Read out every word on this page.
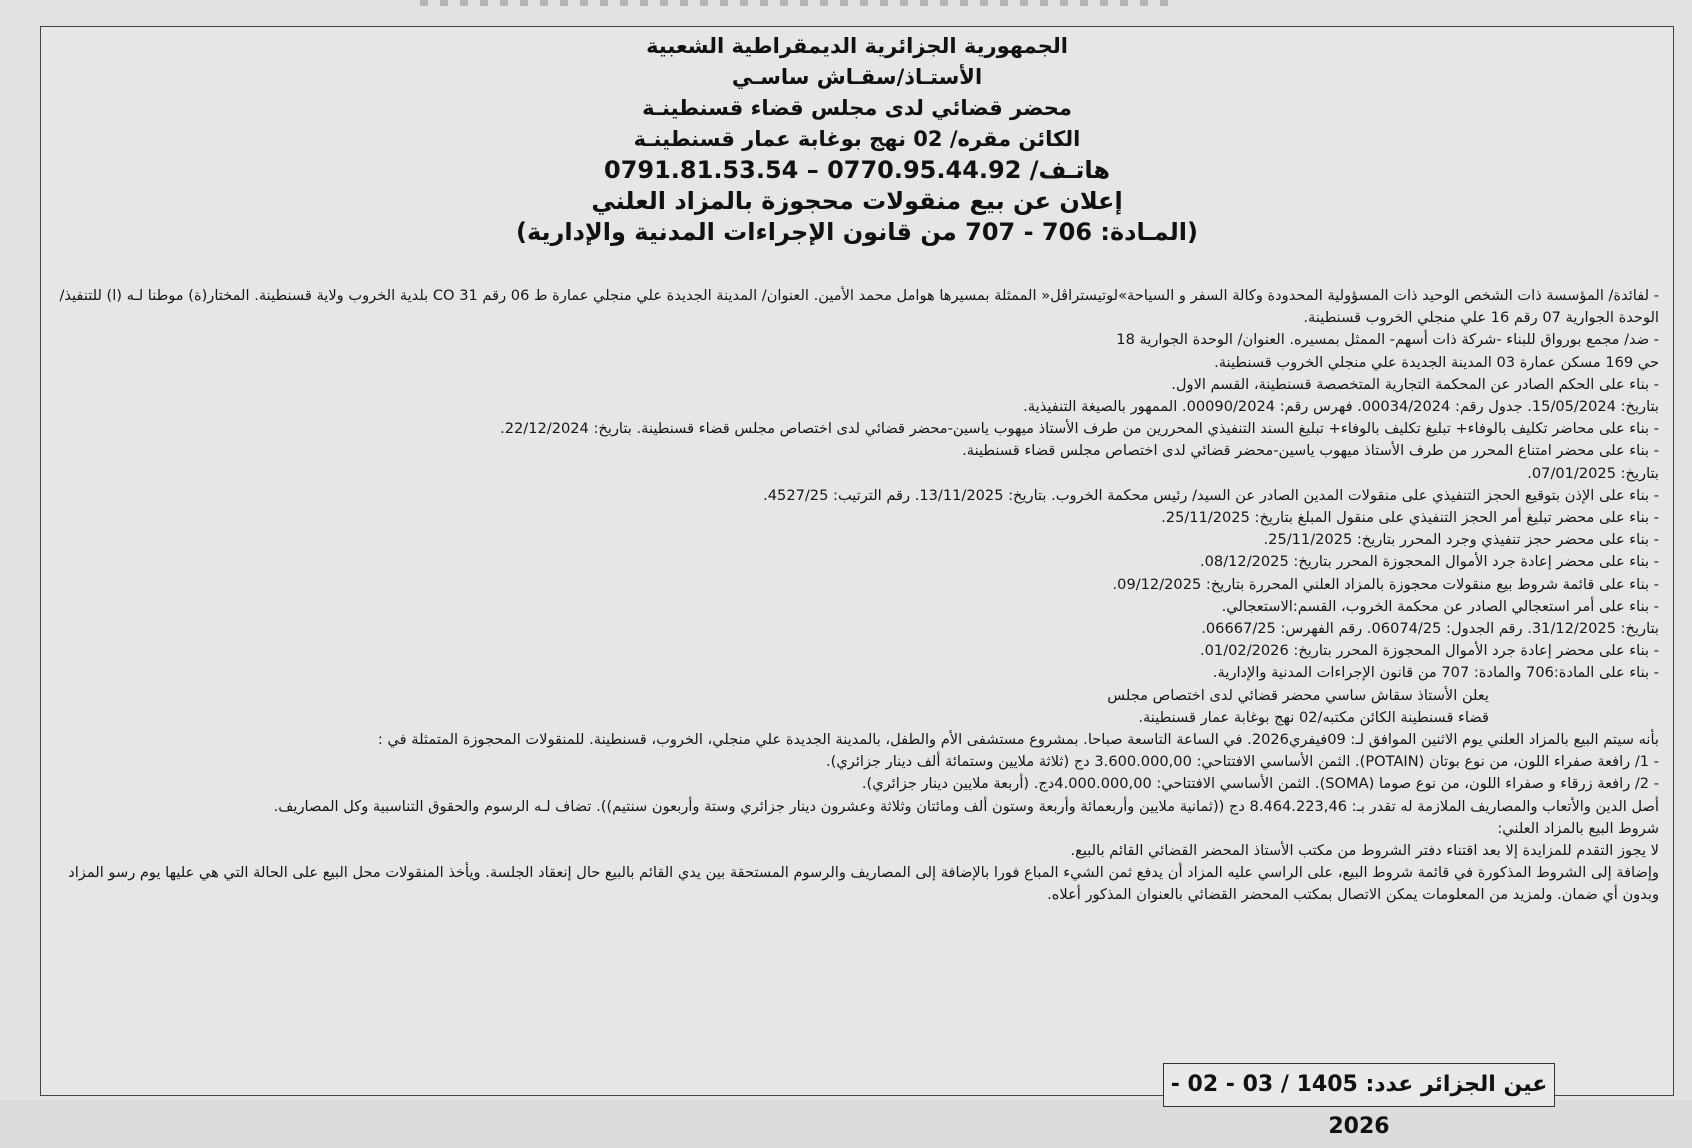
الجمهورية الجزائرية الديمقراطية الشعبية
الأستـاذ/سقـاش ساسـي
محضر قضائي لدى مجلس قضاء قسنطينـة
الكائن مقره/ 02 نهج بوغابة عمار قسنطينـة
هاتـف/ 0770.95.44.92 – 0791.81.53.54
إعلان عن بيع منقولات محجوزة بالمزاد العلني
(المـادة: 706 - 707 من قانون الإجراءات المدنية والإدارية)

- لفائدة/ المؤسسة ذات الشخص الوحيد ذات المسؤولية المحدودة وكالة السفر و السياحة»لوتيستراڤل« الممثلة بمسيرها هوامل محمد الأمين. العنوان/ المدينة الجديدة علي منجلي عمارة ط 06 رقم 31 CO بلدية الخروب ولاية قسنطينة. المختار(ة) موطنا لـه (ا) للتنفيذ/ الوحدة الجوارية 07 رقم 16 علي منجلي الخروب قسنطينة.

- ضد/ مجمع بورواق للبناء -شركة ذات أسهم- الممثل بمسيره. العنوان/ الوحدة الجوارية 18

حي 169 مسكن عمارة 03 المدينة الجديدة علي منجلي الخروب قسنطينة.

- بناء على الحكم الصادر عن المحكمة التجارية المتخصصة قسنطينة، القسم الاول.

بتاريخ: 15/05/2024. جدول رقم: 00034/2024. فهرس رقم: 00090/2024. الممهور بالصيغة التنفيذية.

- بناء على محاضر تكليف بالوفاء+ تبليغ تكليف بالوفاء+ تبليغ السند التنفيذي المحررين من طرف الأستاذ ميهوب ياسين-محضر قضائي لدى اختصاص مجلس قضاء قسنطينة. بتاريخ: 22/12/2024.

- بناء على محضر امتناع المحرر من طرف الأستاذ ميهوب ياسين-محضر قضائي لدى اختصاص مجلس قضاء قسنطينة.

بتاريخ: 07/01/2025.

- بناء على الإذن بتوقيع الحجز التنفيذي على منقولات المدين الصادر عن السيد/ رئيس محكمة الخروب. بتاريخ: 13/11/2025. رقم الترتيب: 4527/25.

- بناء على محضر تبليغ أمر الحجز التنفيذي على منقول المبلغ بتاريخ: 25/11/2025.

- بناء على محضر حجز تنفيذي وجرد المحرر بتاريخ: 25/11/2025.

- بناء على محضر إعادة جرد الأموال المحجوزة المحرر بتاريخ: 08/12/2025.

- بناء على قائمة شروط بيع منقولات محجوزة بالمزاد العلني المحررة بتاريخ: 09/12/2025.

- بناء على أمر استعجالي الصادر عن محكمة الخروب، القسم:الاستعجالي.

بتاريخ: 31/12/2025. رقم الجدول: 06074/25. رقم الفهرس: 06667/25.

- بناء على محضر إعادة جرد الأموال المحجوزة المحرر بتاريخ: 01/02/2026.

- بناء على المادة:706 والمادة: 707 من قانون الإجراءات المدنية والإدارية.

يعلن الأستاذ سقاش ساسي محضر قضائي لدى اختصاص مجلس

قضاء قسنطينة الكائن مكتبه/02 نهج بوغابة عمار قسنطينة.

بأنه سيتم البيع بالمزاد العلني يوم الاثنين الموافق لـ: 09فيفري2026. في الساعة التاسعة صباحا. بمشروع مستشفى الأم والطفل، بالمدينة الجديدة علي منجلي، الخروب، قسنطينة. للمنقولات المحجوزة المتمثلة في :

- 1/ رافعة صفراء اللون، من نوع بوتان (POTAIN). الثمن الأساسي الافتتاحي: 3.600.000,00 دج (ثلاثة ملايين وستمائة ألف دينار جزائري).

- 2/ رافعة زرقاء و صفراء اللون، من نوع صوما (SOMA). الثمن الأساسي الافتتاحي: 4.000.000,00دج. (أربعة ملايين دينار جزائري).

أصل الدين والأتعاب والمصاريف الملازمة له تقدر بـ: 8.464.223,46 دج ((ثمانية ملايين وأربعمائة وأربعة وستون ألف ومائتان وثلاثة وعشرون دينار جزائري وستة وأربعون سنتيم)). تضاف لـه الرسوم والحقوق التناسبية وكل المصاريف.

شروط البيع بالمزاد العلني:

لا يجوز التقدم للمزايدة إلا بعد اقتناء دفتر الشروط من مكتب الأستاذ المحضر القضائي القائم بالبيع.

وإضافة إلى الشروط المذكورة في قائمة شروط البيع، على الراسي عليه المزاد أن يدفع ثمن الشيء المباع فورا بالإضافة إلى المصاريف والرسوم المستحقة بين يدي القائم بالبيع حال إنعقاد الجلسة. ويأخذ المنقولات محل البيع على الحالة التي هي عليها يوم رسو المزاد وبدون أي ضمان. ولمزيد من المعلومات يمكن الاتصال بمكتب المحضر القضائي بالعنوان المذكور أعلاه.

عين الجزائر عدد: 1405 / 03 - 02 - 2026
